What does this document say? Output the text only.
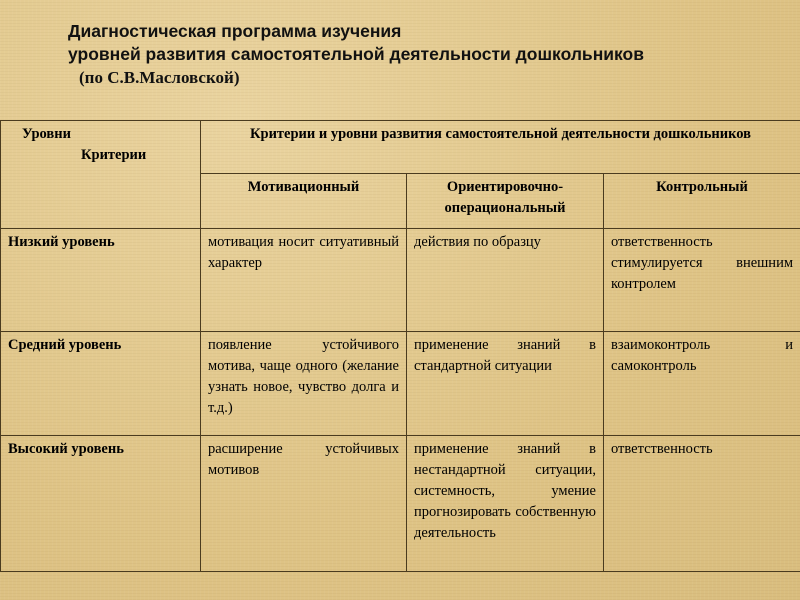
Диагностическая программа изучения
уровней развития самостоятельной деятельности дошкольников
(по С.В.Масловской)
Уровни
Критерии	Критерии и уровни развития самостоятельной деятельности дошкольников		
	Мотивационный	Ориентировочно-операциональный	Контрольный
Низкий уровень	мотивация носит ситуативный характер	действия по образцу	ответственность стимулируется внешним контролем
Средний уровень	появление устойчивого мотива, чаще одного (желание узнать новое, чувство долга и т.д.)	применение знаний в стандартной ситуации	взаимоконтроль и самоконтроль
Высокий уровень	расширение устойчивых мотивов	применение знаний в нестандартной ситуации, системность, умение прогнозировать собственную деятельность	ответственность
